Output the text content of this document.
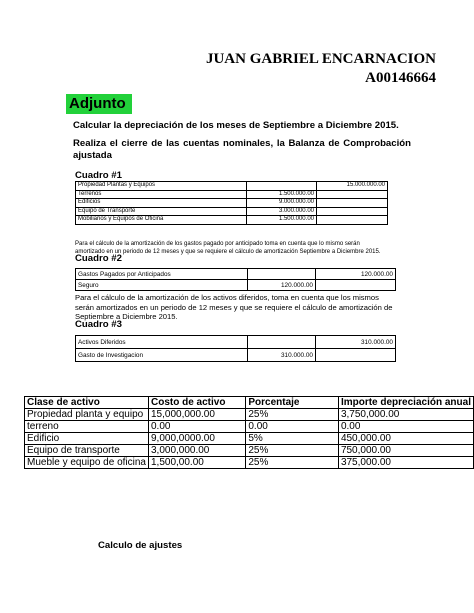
JUAN GABRIEL ENCARNACION
A00146664
Adjunto
Calcular la depreciación de los meses de Septiembre a Diciembre 2015.
Realiza el cierre de las cuentas nominales, la Balanza de Comprobación ajustada
Cuadro #1
Propiedad Plantas y Equipos		15.000.000.00
Terrenos	1.500.000.00	
Edificios	9.000.000.00	
Equipo de Transporte	3.000.000.00	
Mobiliarios y Equipos de Oficina	1.500.000.00	
Para el cálculo de la amortización de los gastos pagado por anticipado toma en cuenta que lo mismo serán amortizado en un periodo de 12 meses y que se requiere el cálculo de amortización Septiembre a Diciembre 2015.
Cuadro #2
Gastos Pagados por Anticipados		120.000.00
Seguro	120.000.00	
Para el cálculo de la amortización de los activos diferidos, toma en cuenta que los mismos serán amortizados en un periodo de 12 meses y que se requiere el cálculo de amortización de Septiembre a Diciembre 2015.
Cuadro #3
Activos Diferidos		310.000.00
Gasto de Investigacion	310.000.00	
Clase de activo	Costo de activo	Porcentaje	Importe depreciación anual
Propiedad planta y equipo	15,000,000.00	25%	3,750,000.00
terreno	0.00	0.00	0.00
Edificio	9,000,0000.00	5%	450,000.00
Equipo de transporte	3,000,000.00	25%	750,000.00
Mueble y equipo de oficina	1,500,00.00	25%	375,000.00
Calculo de ajustes
